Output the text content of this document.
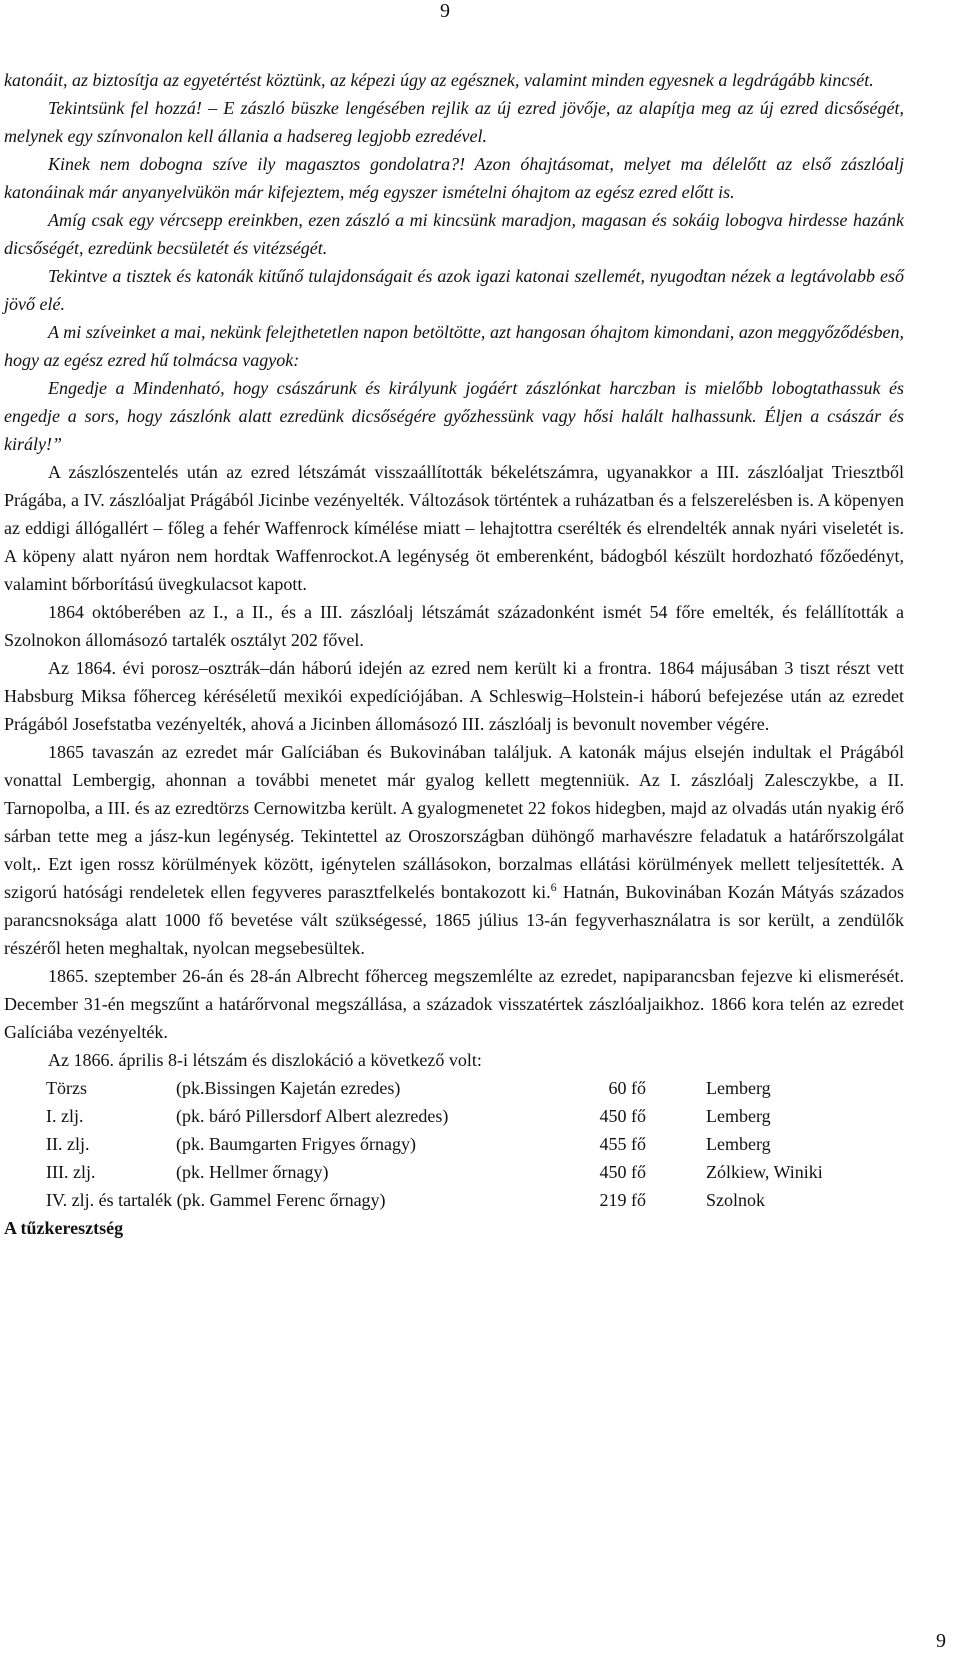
9

katonáit, az biztosítja az egyetértést köztünk, az képezi úgy az egésznek, valamint minden egyesnek a legdrágább kincsét.

Tekintsünk fel hozzá! – E zászló büszke lengésében rejlik az új ezred jövője, az alapítja meg az új ezred dicsőségét, melynek egy színvonalon kell állania a hadsereg legjobb ezredével.

Kinek nem dobogna szíve ily magasztos gondolatra?! Azon óhajtásomat, melyet ma délelőtt az első zászlóalj katonáinak már anyanyelvükön már kifejeztem, még egyszer ismételni óhajtom az egész ezred előtt is.

Amíg csak egy vércsepp ereinkben, ezen zászló a mi kincsünk maradjon, magasan és sokáig lobogva hirdesse hazánk dicsőségét, ezredünk becsületét és vitézségét.

Tekintve a tisztek és katonák kitűnő tulajdonságait és azok igazi katonai szellemét, nyugodtan nézek a legtávolabb eső jövő elé.

A mi szíveinket a mai, nekünk felejthetetlen napon betöltötte, azt hangosan óhajtom kimondani, azon meggyőződésben, hogy az egész ezred hű tolmácsa vagyok:

Engedje a Mindenható, hogy császárunk és királyunk jogáért zászlónkat harczban is mielőbb lobogtathassuk és engedje a sors, hogy zászlónk alatt ezredünk dicsőségére győzhessünk vagy hősi halált halhassunk. Éljen a császár és király!”

A zászlószentelés után az ezred létszámát visszaállították békelétszámra, ugyanakkor a III. zászlóaljat Triesztből Prágába, a IV. zászlóaljat Prágából Jicinbe vezényelték. Változások történtek a ruházatban és a felszerelésben is. A köpenyen az eddigi állógallért – főleg a fehér Waffenrock kímélése miatt – lehajtottra cserélték és elrendelték annak nyári viseletét is. A köpeny alatt nyáron nem hordtak Waffenrockot.A legénység öt emberenként, bádogból készült hordozható főzőedényt, valamint bőrborítású üvegkulacsot kapott.

1864 októberében az I., a II., és a III. zászlóalj létszámát századonként ismét 54 főre emelték, és felállították a Szolnokon állomásozó tartalék osztályt 202 fővel.

Az 1864. évi porosz–osztrák–dán háború idején az ezred nem került ki a frontra. 1864 májusában 3 tiszt részt vett Habsburg Miksa főherceg kéréséletű mexikói expedíciójában. A Schleswig–Holstein-i háború befejezése után az ezredet Prágából Josefstatba vezényelték, ahová a Jicinben állomásozó III. zászlóalj is bevonult november végére.

1865 tavaszán az ezredet már Galíciában és Bukovinában találjuk. A katonák május elsején indultak el Prágából vonattal Lembergig, ahonnan a további menetet már gyalog kellett megtenniük. Az I. zászlóalj Zalesczykbe, a II. Tarnopolba, a III. és az ezredtörzs Cernowitzba került. A gyalogmenetet 22 fokos hidegben, majd az olvadás után nyakig érő sárban tette meg a jász-kun legénység. Tekintettel az Oroszországban dühöngő marhavészre feladatuk a határőrszolgálat volt,. Ezt igen rossz körülmények között, igénytelen szállásokon, borzalmas ellátási körülmények mellett teljesítették. A szigorú hatósági rendeletek ellen fegyveres parasztfelkelés bontakozott ki.$^6$ Hatnán, Bukovinában Kozán Mátyás százados parancsnoksága alatt 1000 fő bevetése vált szükségessé, 1865 július 13-án fegyverhasználatra is sor került, a zendülők részéről heten meghaltak, nyolcan megsebesültek.

1865. szeptember 26-án és 28-án Albrecht főherceg megszemlélte az ezredet, napiparancsban fejezve ki elismerését. December 31-én megszűnt a határőrvonal megszállása, a századok visszatértek zászlóaljaikhoz. 1866 kora telén az ezredet Galíciába vezényelték.

Az 1866. április 8-i létszám és diszlokáció a következő volt:

Törzs	(pk.Bissingen Kajetán ezredes)	60 fő	Lemberg
I. zlj.	(pk. báró Pillersdorf Albert alezredes)	450 fő	Lemberg
II. zlj.	(pk. Baumgarten Frigyes őrnagy)	455 fő	Lemberg
III. zlj.	(pk. Hellmer őrnagy)	450 fő	Zólkiew, Winiki
IV. zlj. és tartalék (pk. Gammel Ferenc őrnagy)		219 fő	Szolnok

A tűzkeresztség

9
